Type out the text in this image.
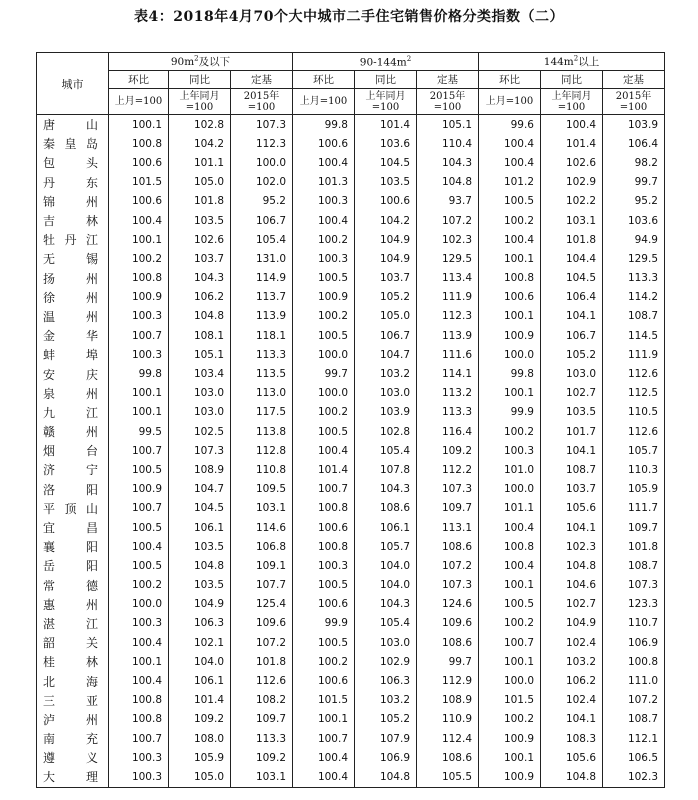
表4：2018年4月70个大中城市二手住宅销售价格分类指数（二）
城市	$90m^2$及以下			$90-144m^2$			$144m^2$以上		
	环比	同比	定基	环比	同比	定基	环比	同比	定基
	上月=100	上年同月=100	2015年=100	上月=100	上年同月=100	2015年=100	上月=100	上年同月=100	2015年=100
唐山	100.1	102.8	107.3	99.8	101.4	105.1	99.6	100.4	103.9
秦皇岛	100.8	104.2	112.3	100.6	103.6	110.4	100.4	101.4	106.4
包头	100.6	101.1	100.0	100.4	104.5	104.3	100.4	102.6	98.2
丹东	101.5	105.0	102.0	101.3	103.5	104.8	101.2	102.9	99.7
锦州	100.6	101.8	95.2	100.3	100.6	93.7	100.5	102.2	95.2
吉林	100.4	103.5	106.7	100.4	104.2	107.2	100.2	103.1	103.6
牡丹江	100.1	102.6	105.4	100.2	104.9	102.3	100.4	101.8	94.9
无锡	100.2	103.7	131.0	100.3	104.9	129.5	100.1	104.4	129.5
扬州	100.8	104.3	114.9	100.5	103.7	113.4	100.8	104.5	113.3
徐州	100.9	106.2	113.7	100.9	105.2	111.9	100.6	106.4	114.2
温州	100.3	104.8	113.9	100.2	105.0	112.3	100.1	104.1	108.7
金华	100.7	108.1	118.1	100.5	106.7	113.9	100.9	106.7	114.5
蚌埠	100.3	105.1	113.3	100.0	104.7	111.6	100.0	105.2	111.9
安庆	99.8	103.4	113.5	99.7	103.2	114.1	99.8	103.0	112.6
泉州	100.1	103.0	113.0	100.0	103.0	113.2	100.1	102.7	112.5
九江	100.1	103.0	117.5	100.2	103.9	113.3	99.9	103.5	110.5
赣州	99.5	102.5	113.8	100.5	102.8	116.4	100.2	101.7	112.6
烟台	100.7	107.3	112.8	100.4	105.4	109.2	100.3	104.1	105.7
济宁	100.5	108.9	110.8	101.4	107.8	112.2	101.0	108.7	110.3
洛阳	100.9	104.7	109.5	100.7	104.3	107.3	100.0	103.7	105.9
平顶山	100.7	104.5	103.1	100.8	108.6	109.7	101.1	105.6	111.7
宜昌	100.5	106.1	114.6	100.6	106.1	113.1	100.4	104.1	109.7
襄阳	100.4	103.5	106.8	100.8	105.7	108.6	100.8	102.3	101.8
岳阳	100.5	104.8	109.1	100.3	104.0	107.2	100.4	104.8	108.7
常德	100.2	103.5	107.7	100.5	104.0	107.3	100.1	104.6	107.3
惠州	100.0	104.9	125.4	100.6	104.3	124.6	100.5	102.7	123.3
湛江	100.3	106.3	109.6	99.9	105.4	109.6	100.2	104.9	110.7
韶关	100.4	102.1	107.2	100.5	103.0	108.6	100.7	102.4	106.9
桂林	100.1	104.0	101.8	100.2	102.9	99.7	100.1	103.2	100.8
北海	100.4	106.1	112.6	100.6	106.3	112.9	100.0	106.2	111.0
三亚	100.8	101.4	108.2	101.5	103.2	108.9	101.5	102.4	107.2
泸州	100.8	109.2	109.7	100.1	105.2	110.9	100.2	104.1	108.7
南充	100.7	108.0	113.3	100.7	107.9	112.4	100.9	108.3	112.1
遵义	100.3	105.9	109.2	100.4	106.9	108.6	100.1	105.6	106.5
大理	100.3	105.0	103.1	100.4	104.8	105.5	100.9	104.8	102.3
